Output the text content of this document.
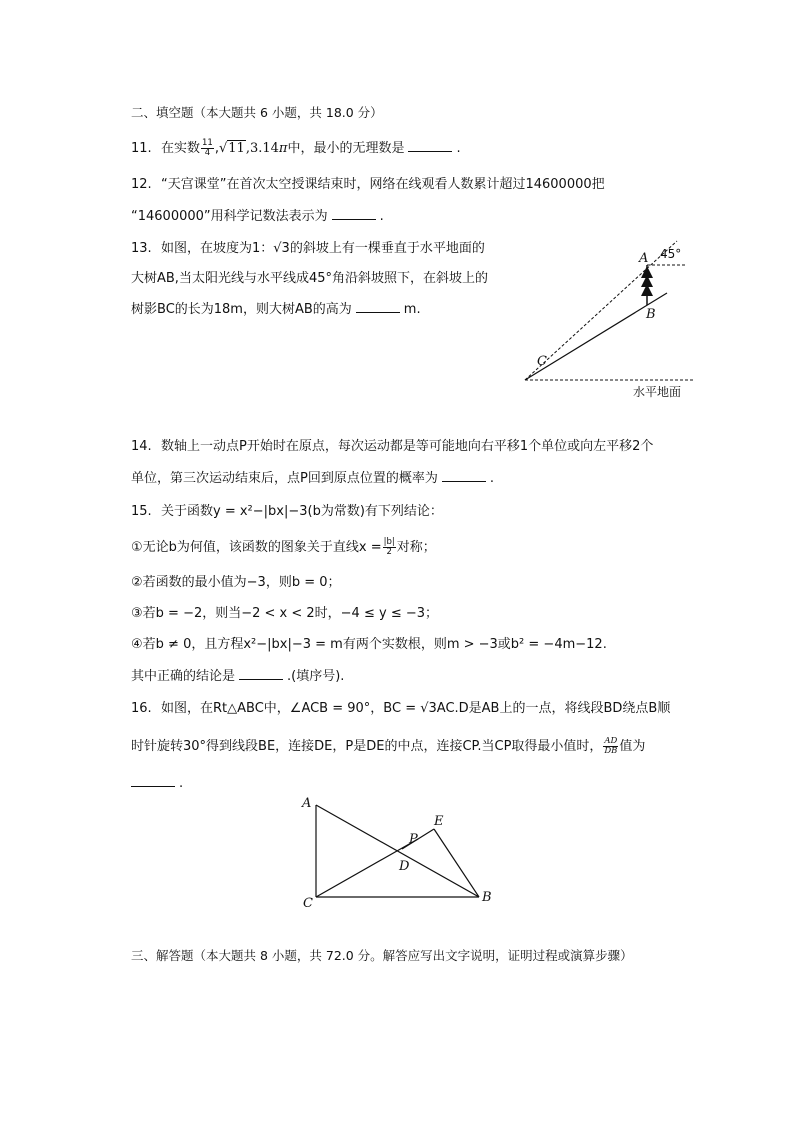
二、填空题（本大题共 6 小题，共 18.0 分）
11. 在实数 $\frac{11}{4} ,√11,3.14\pi$中，最小的无理数是	.
12. “天宫课堂”在首次太空授课结束时，网络在线观看人数累计超过14600000把
“14600000”用科学记数法表示为	.
13. 如图，在坡度为1：√3的斜坡上有一棵垂直于水平地面的
大树AB,当太阳光线与水平线成45°角沿斜坡照下，在斜坡上的
树影BC的长为18m，则大树AB的高为	m.
A
B
C
45°
水平地面
14. 数轴上一动点P开始时在原点，每次运动都是等可能地向右平移1个单位或向左平移2个
单位，第三次运动结束后，点P回到原点位置的概率为	.
15. 关于函数y = x²−|bx|−3(b为常数)有下列结论：
①无论b为何值，该函数的图象关于直线$x = \frac{|b|}{2}$ 对称；
②若函数的最小值为−3，则b = 0；
③若b = −2，则当−2 < x < 2时，−4 ≤ y ≤ −3；
④若b ≠ 0，且方程x²−|bx|−3 = m有两个实数根，则m > −3或b² = −4m−12.
其中正确的结论是	.(填序号).
16. 如图，在Rt△ABC中，∠ACB = 90°，BC = √3AC.D是AB上的一点，将线段BD绕点B顺
时针旋转30°得到线段BE，连接DE，P是DE的中点，连接CP.当CP取得最小值时， $\frac{AD}{DB}$ 值为
.
A
B
C
D
E
P
三、解答题（本大题共 8 小题，共 72.0 分。解答应写出文字说明，证明过程或演算步骤）
